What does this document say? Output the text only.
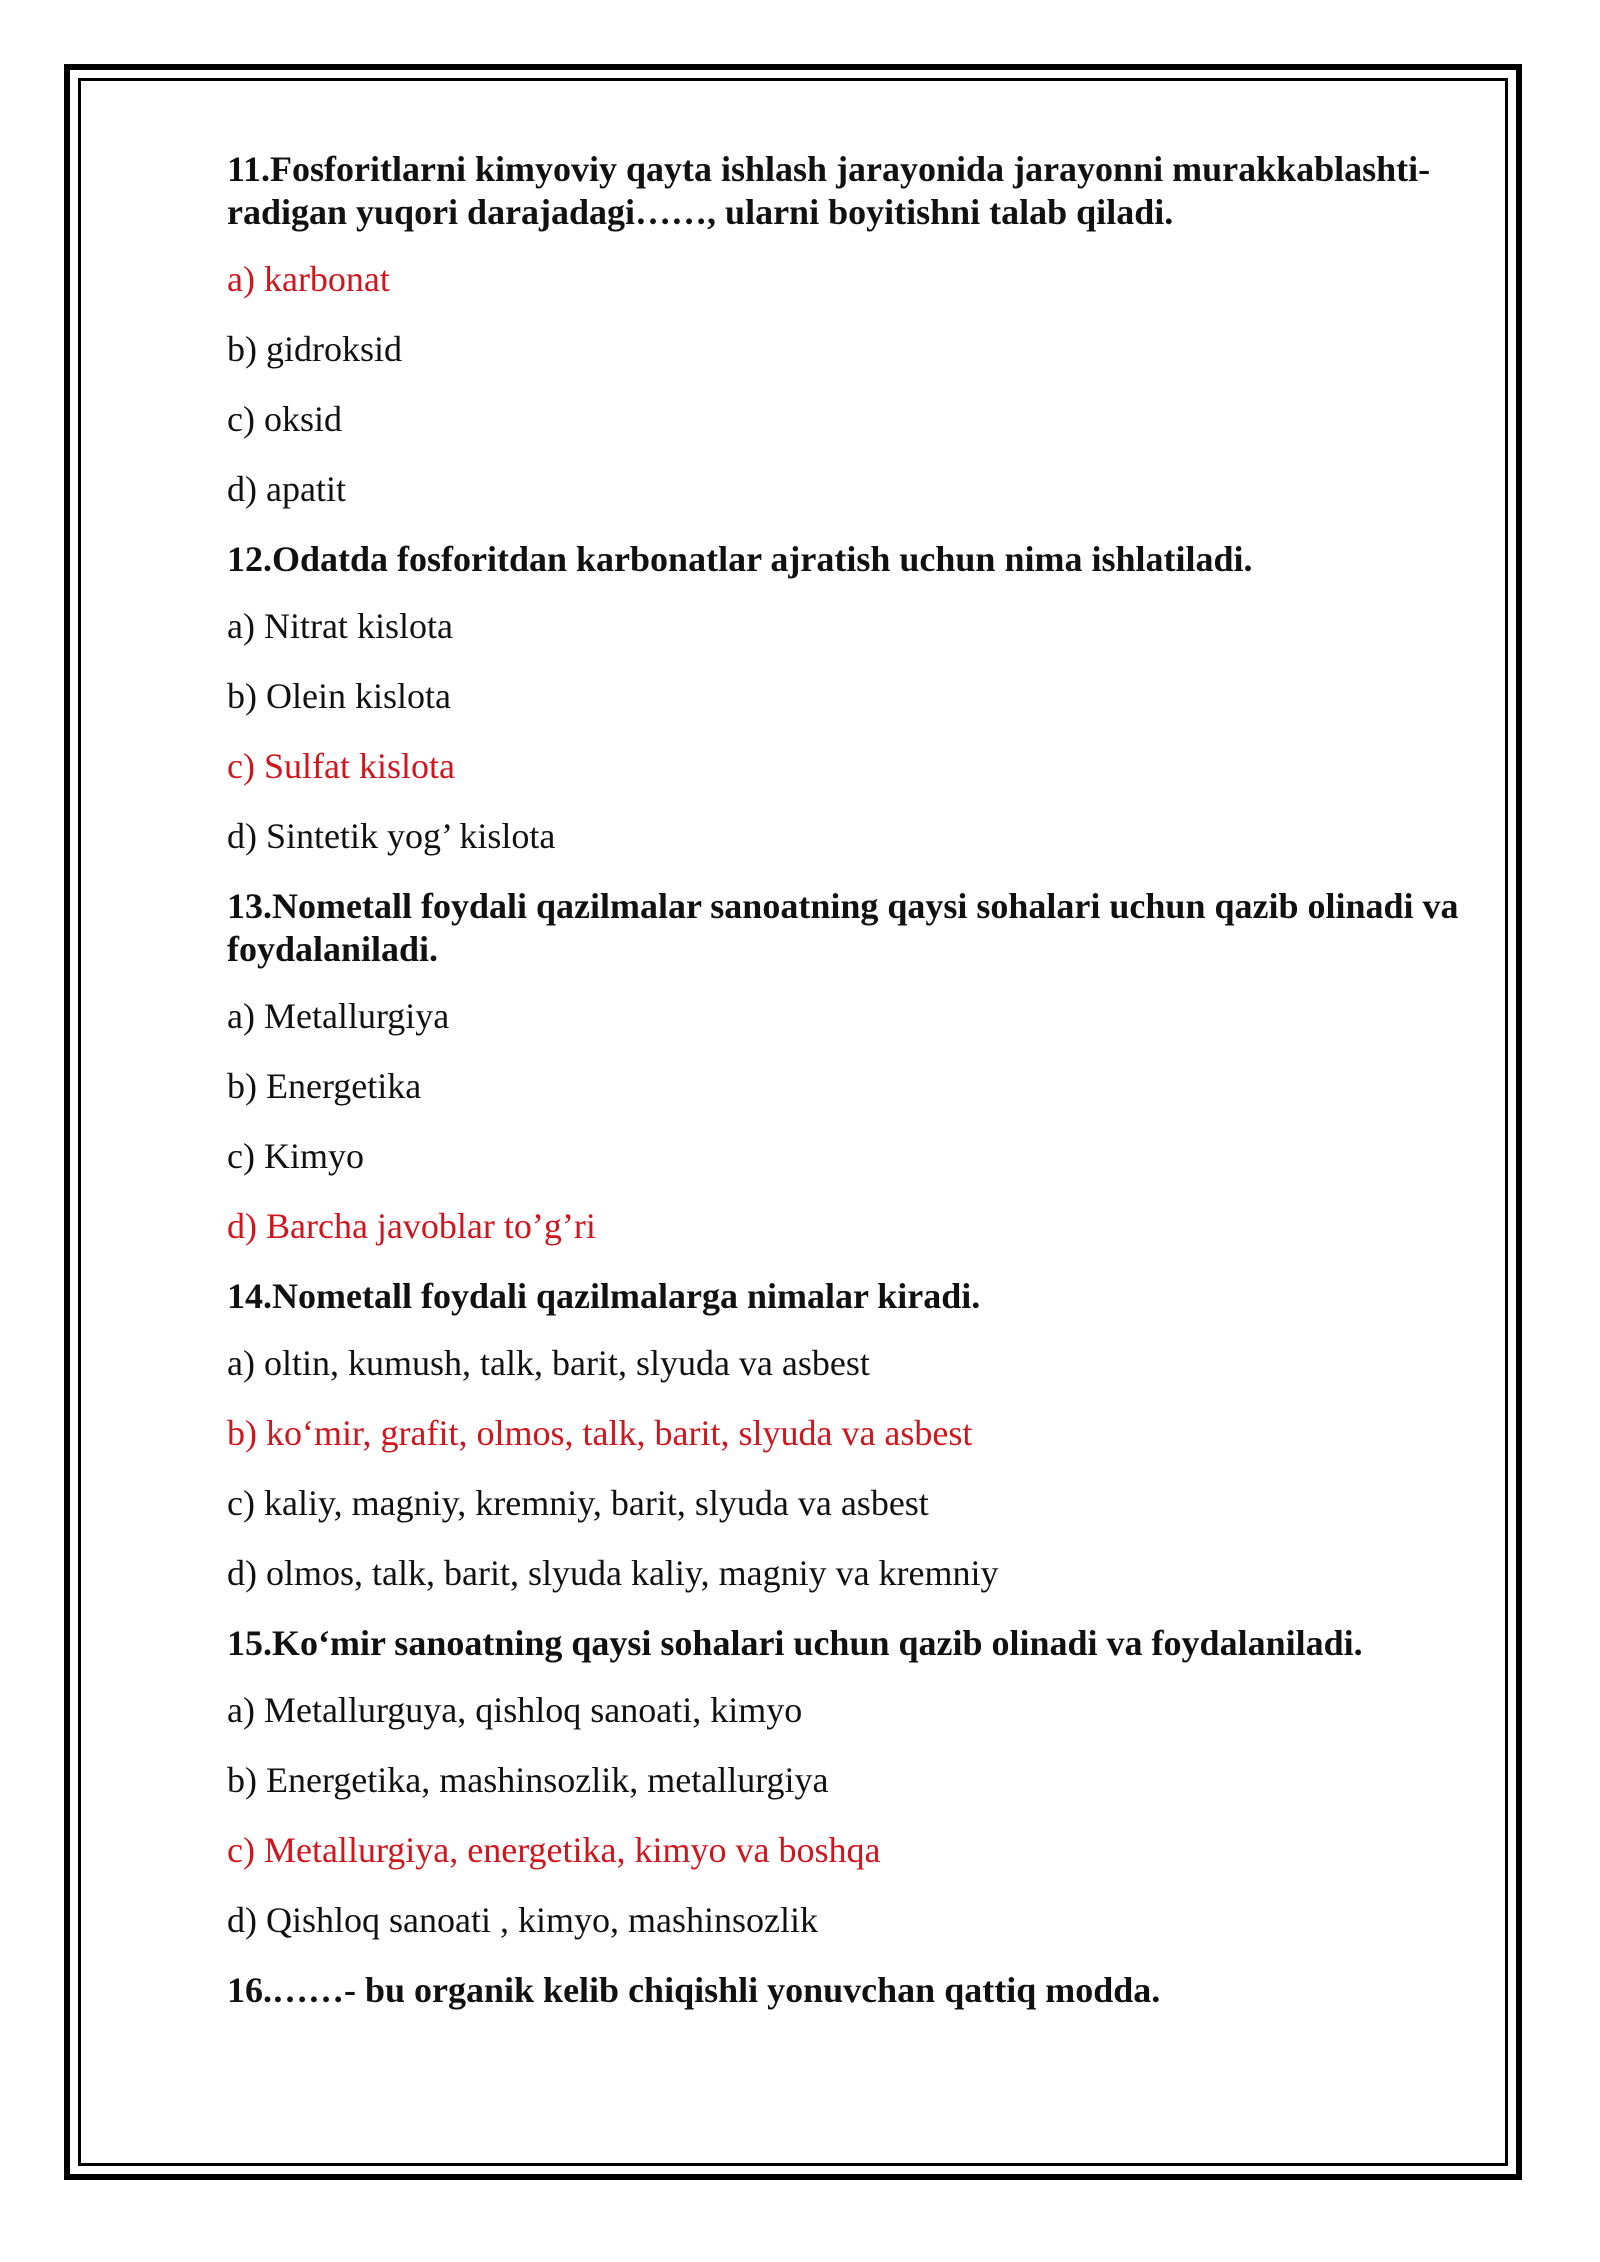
11.Fosforitlarni kimyoviy qayta ishlash jarayonida jarayonni murakkablashti- radigan yuqori darajadagi……, ularni boyitishni talab qiladi.

a) karbonat

b) gidroksid

c) oksid

d) apatit

12.Odatda fosforitdan karbonatlar ajratish uchun nima ishlatiladi.

a) Nitrat kislota

b) Olein kislota

c) Sulfat kislota

d) Sintetik yog’ kislota

13.Nometall foydali qazilmalar sanoatning qaysi sohalari uchun qazib olinadi va foydalaniladi.

a) Metallurgiya

b) Energetika

c) Kimyo

d) Barcha javoblar to’g’ri

14.Nometall foydali qazilmalarga nimalar kiradi.

a) oltin, kumush, talk, barit, slyuda va asbest

b) ko‘mir, grafit, olmos, talk, barit, slyuda va asbest

c) kaliy, magniy, kremniy, barit, slyuda va asbest

d) olmos, talk, barit, slyuda kaliy, magniy va kremniy

15.Ko‘mir sanoatning qaysi sohalari uchun qazib olinadi va foydalaniladi.

a) Metallurguya, qishloq sanoati, kimyo

b) Energetika, mashinsozlik, metallurgiya

c) Metallurgiya, energetika, kimyo va boshqa

d) Qishloq sanoati , kimyo, mashinsozlik

16.……- bu organik kelib chiqishli yonuvchan qattiq modda.
